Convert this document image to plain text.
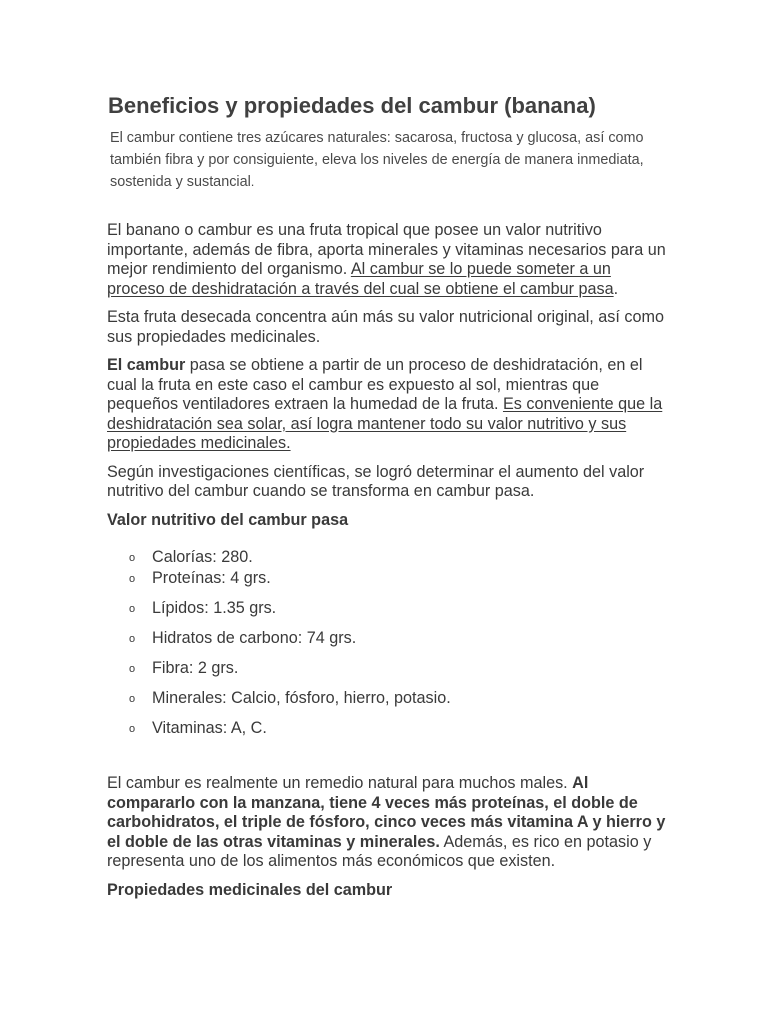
Beneficios y propiedades del cambur (banana)
El cambur contiene tres azúcares naturales: sacarosa, fructosa y glucosa, así como también fibra y por consiguiente, eleva los niveles de energía de manera inmediata, sostenida y sustancial.

El banano o cambur es una fruta tropical que posee un valor nutritivo importante, además de fibra, aporta minerales y vitaminas necesarios para un mejor rendimiento del organismo. Al cambur se lo puede someter a un proceso de deshidratación a través del cual se obtiene el cambur pasa.

Esta fruta desecada concentra aún más su valor nutricional original, así como sus propiedades medicinales.

El cambur pasa se obtiene a partir de un proceso de deshidratación, en el cual la fruta en este caso el cambur es expuesto al sol, mientras que pequeños ventiladores extraen la humedad de la fruta. Es conveniente que la deshidratación sea solar, así logra mantener todo su valor nutritivo y sus propiedades medicinales.

Según investigaciones científicas, se logró determinar el aumento del valor nutritivo del cambur cuando se transforma en cambur pasa.

Valor nutritivo del cambur pasa
o Calorías: 280.
o Proteínas: 4 grs.
o Lípidos: 1.35 grs.
o Hidratos de carbono: 74 grs.
o Fibra: 2 grs.
o Minerales: Calcio, fósforo, hierro, potasio.
o Vitaminas: A, C.

El cambur es realmente un remedio natural para muchos males. Al compararlo con la manzana, tiene 4 veces más proteínas, el doble de carbohidratos, el triple de fósforo, cinco veces más vitamina A y hierro y el doble de las otras vitaminas y minerales. Además, es rico en potasio y representa uno de los alimentos más económicos que existen.

Propiedades medicinales del cambur
